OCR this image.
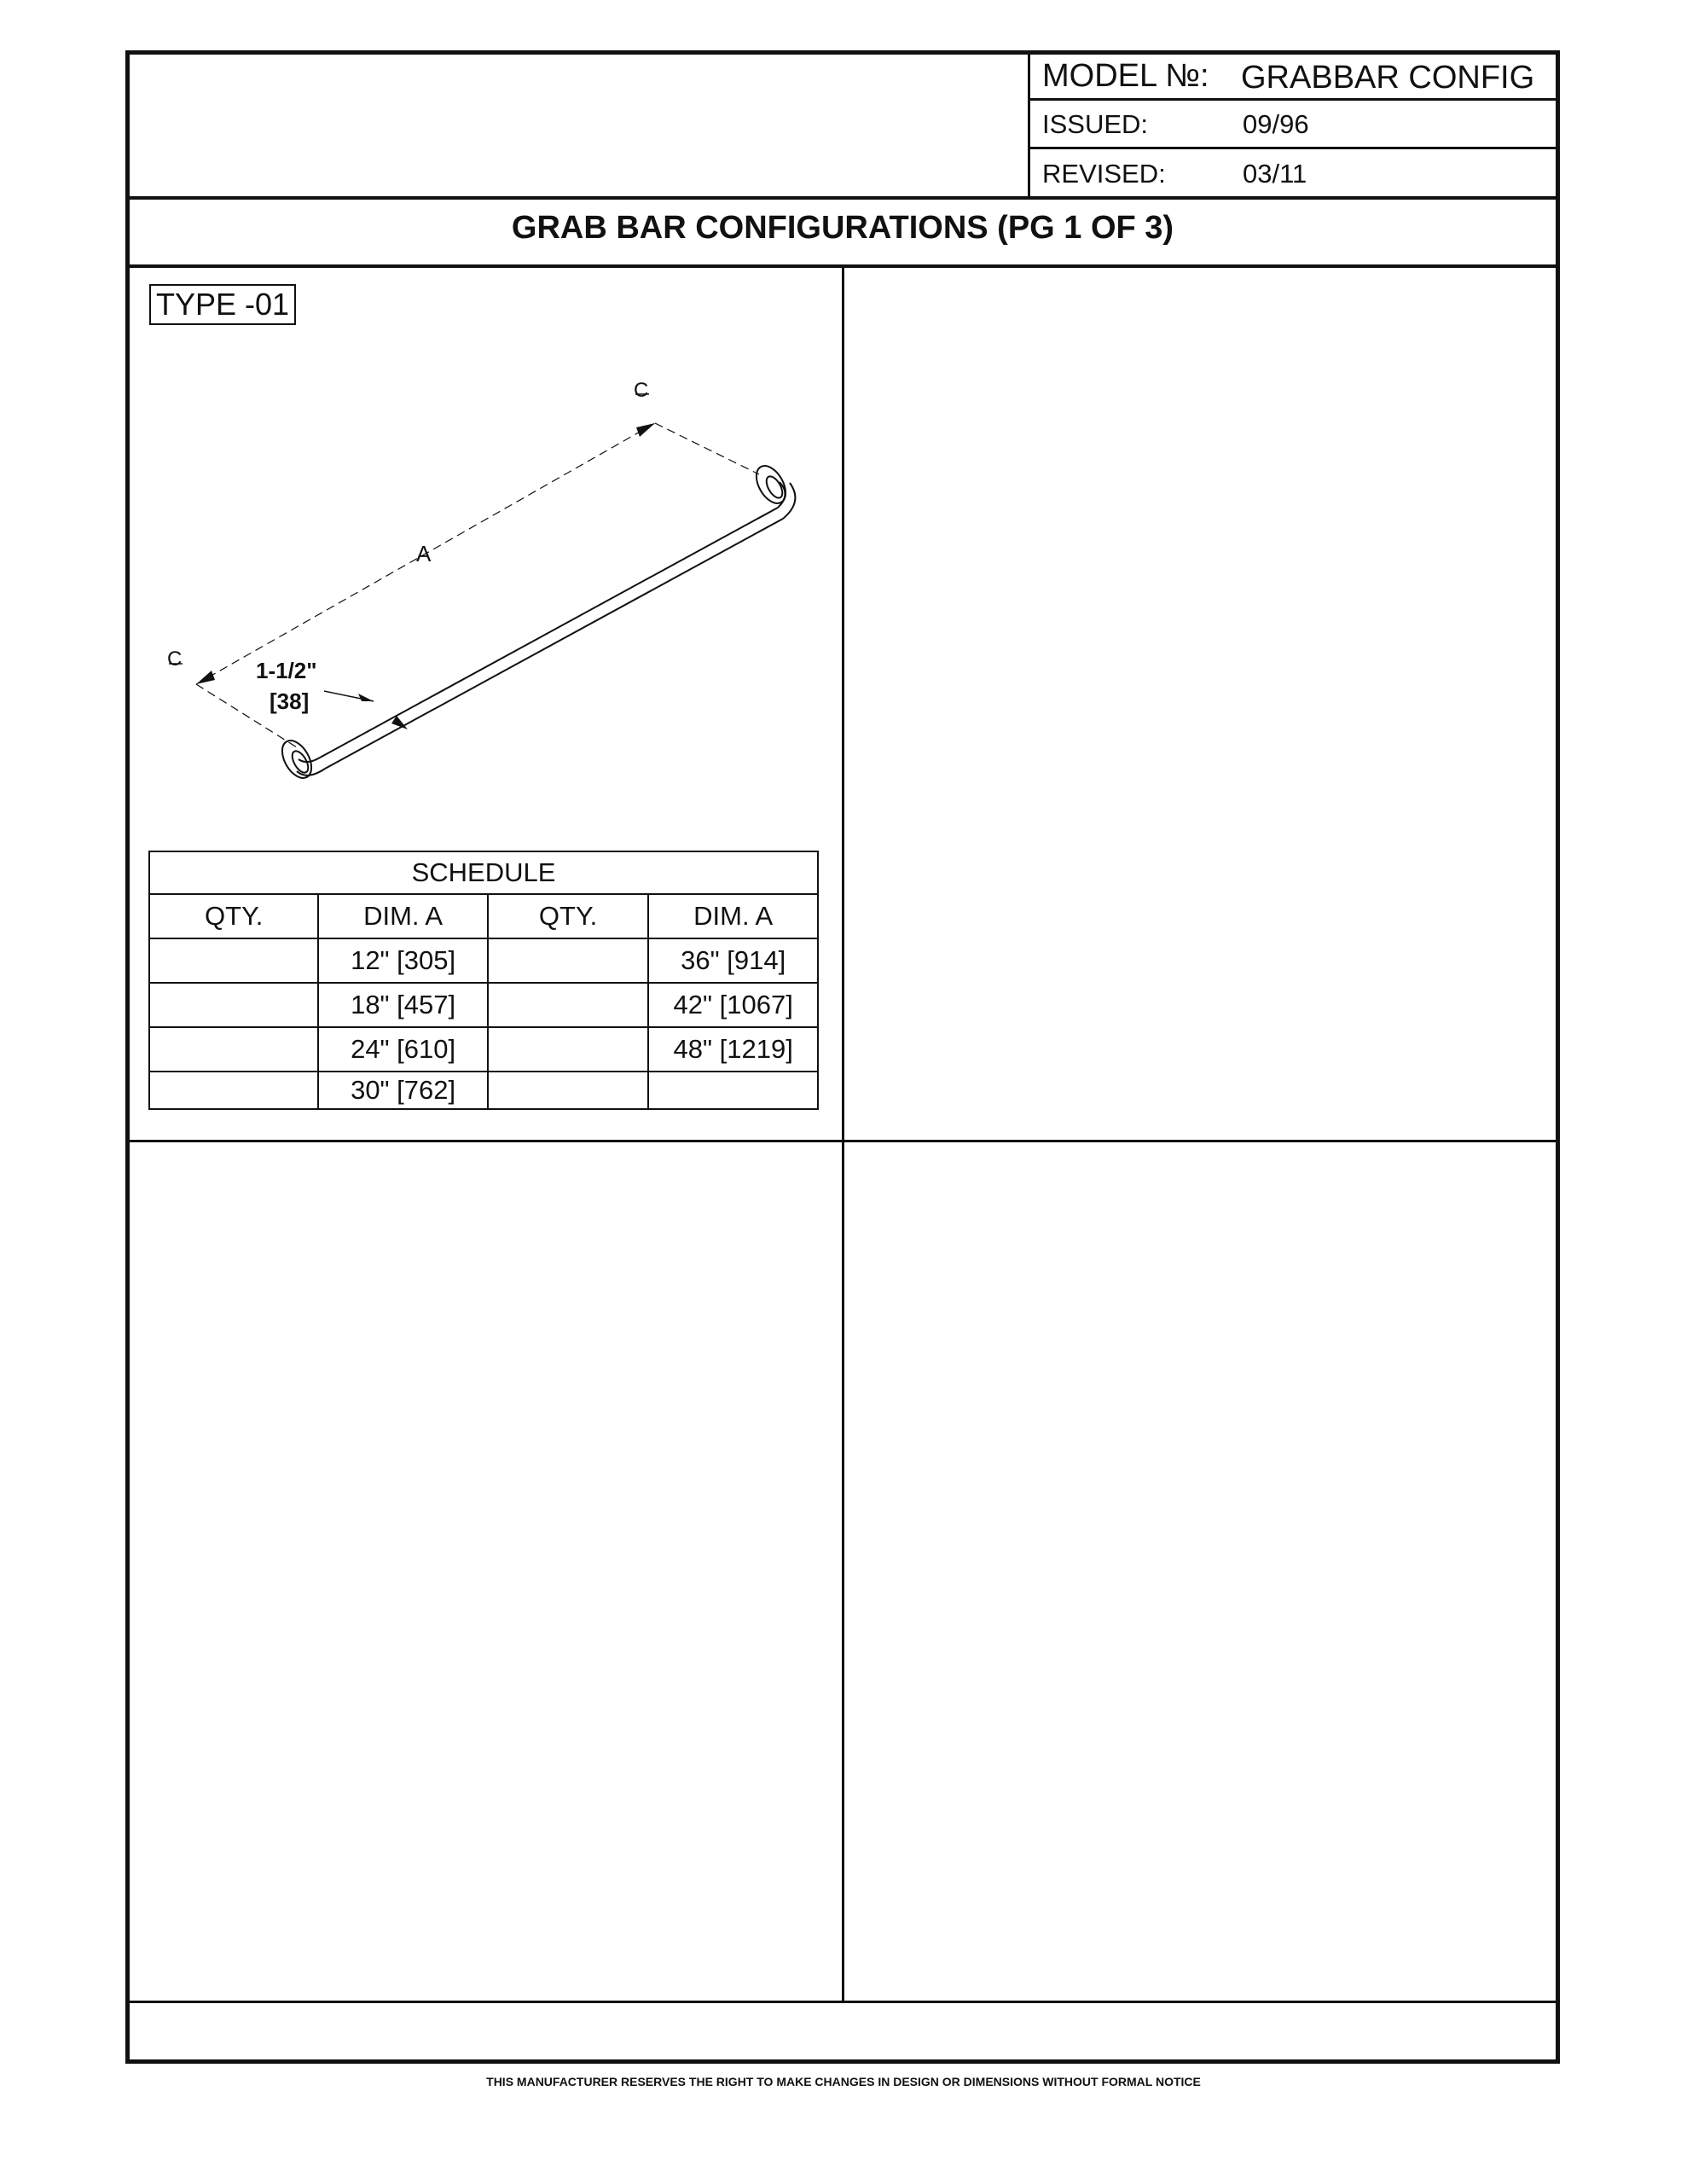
MODEL №: GRABBAR CONFIG
ISSUED:	09/96
REVISED:	03/11
GRAB BAR CONFIGURATIONS (PG 1 OF 3)
TYPE -01
A
1-1/2"
[38]
C
C
SCHEDULE			
QTY.	DIM. A	QTY.	DIM. A
	12" [305]		36" [914]
	18" [457]		42" [1067]
	24" [610]		48" [1219]
	30" [762]		
THIS MANUFACTURER RESERVES THE RIGHT TO MAKE CHANGES IN DESIGN OR DIMENSIONS WITHOUT FORMAL NOTICE
